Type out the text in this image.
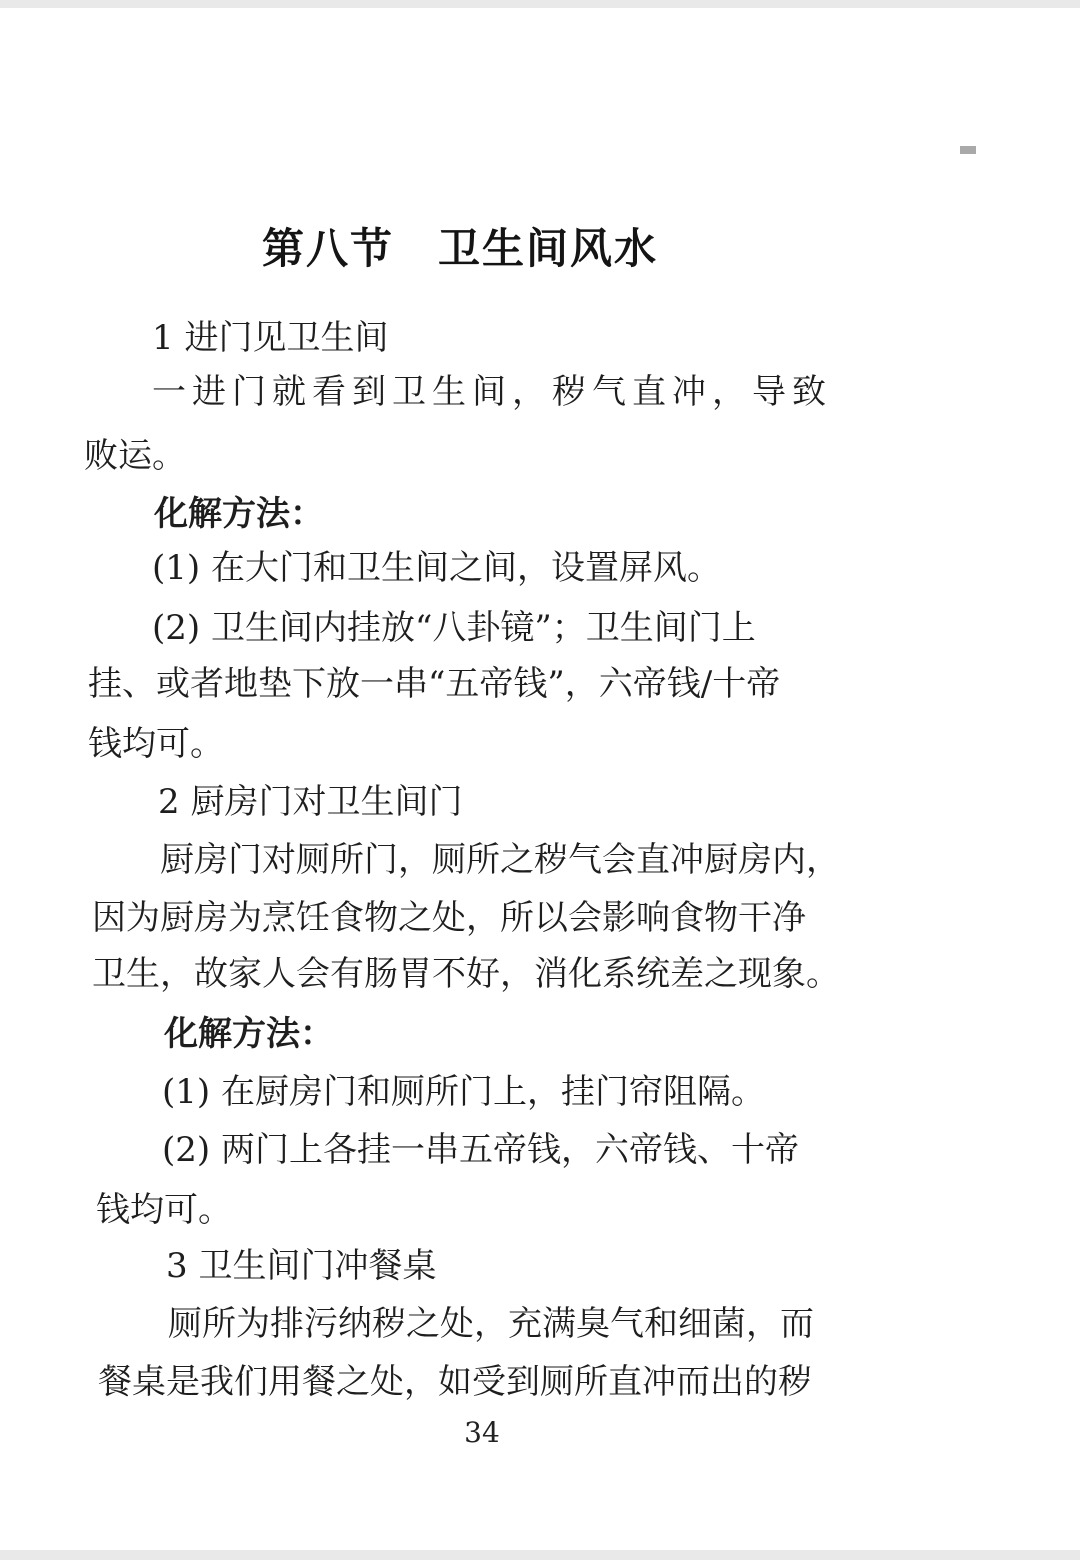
第八节　卫生间风水
1 进门见卫生间
一进门就看到卫生间，秽气直冲，导致
败运。
化解方法：
(1) 在大门和卫生间之间，设置屏风。
(2) 卫生间内挂放“八卦镜”；卫生间门上
挂、或者地垫下放一串“五帝钱”，六帝钱/十帝
钱均可。
2 厨房门对卫生间门
厨房门对厕所门，厕所之秽气会直冲厨房内，
因为厨房为烹饪食物之处，所以会影响食物干净
卫生，故家人会有肠胃不好，消化系统差之现象。
化解方法：
(1) 在厨房门和厕所门上，挂门帘阻隔。
(2) 两门上各挂一串五帝钱，六帝钱、十帝
钱均可。
3 卫生间门冲餐桌
厕所为排污纳秽之处，充满臭气和细菌，而
餐桌是我们用餐之处，如受到厕所直冲而出的秽
34
